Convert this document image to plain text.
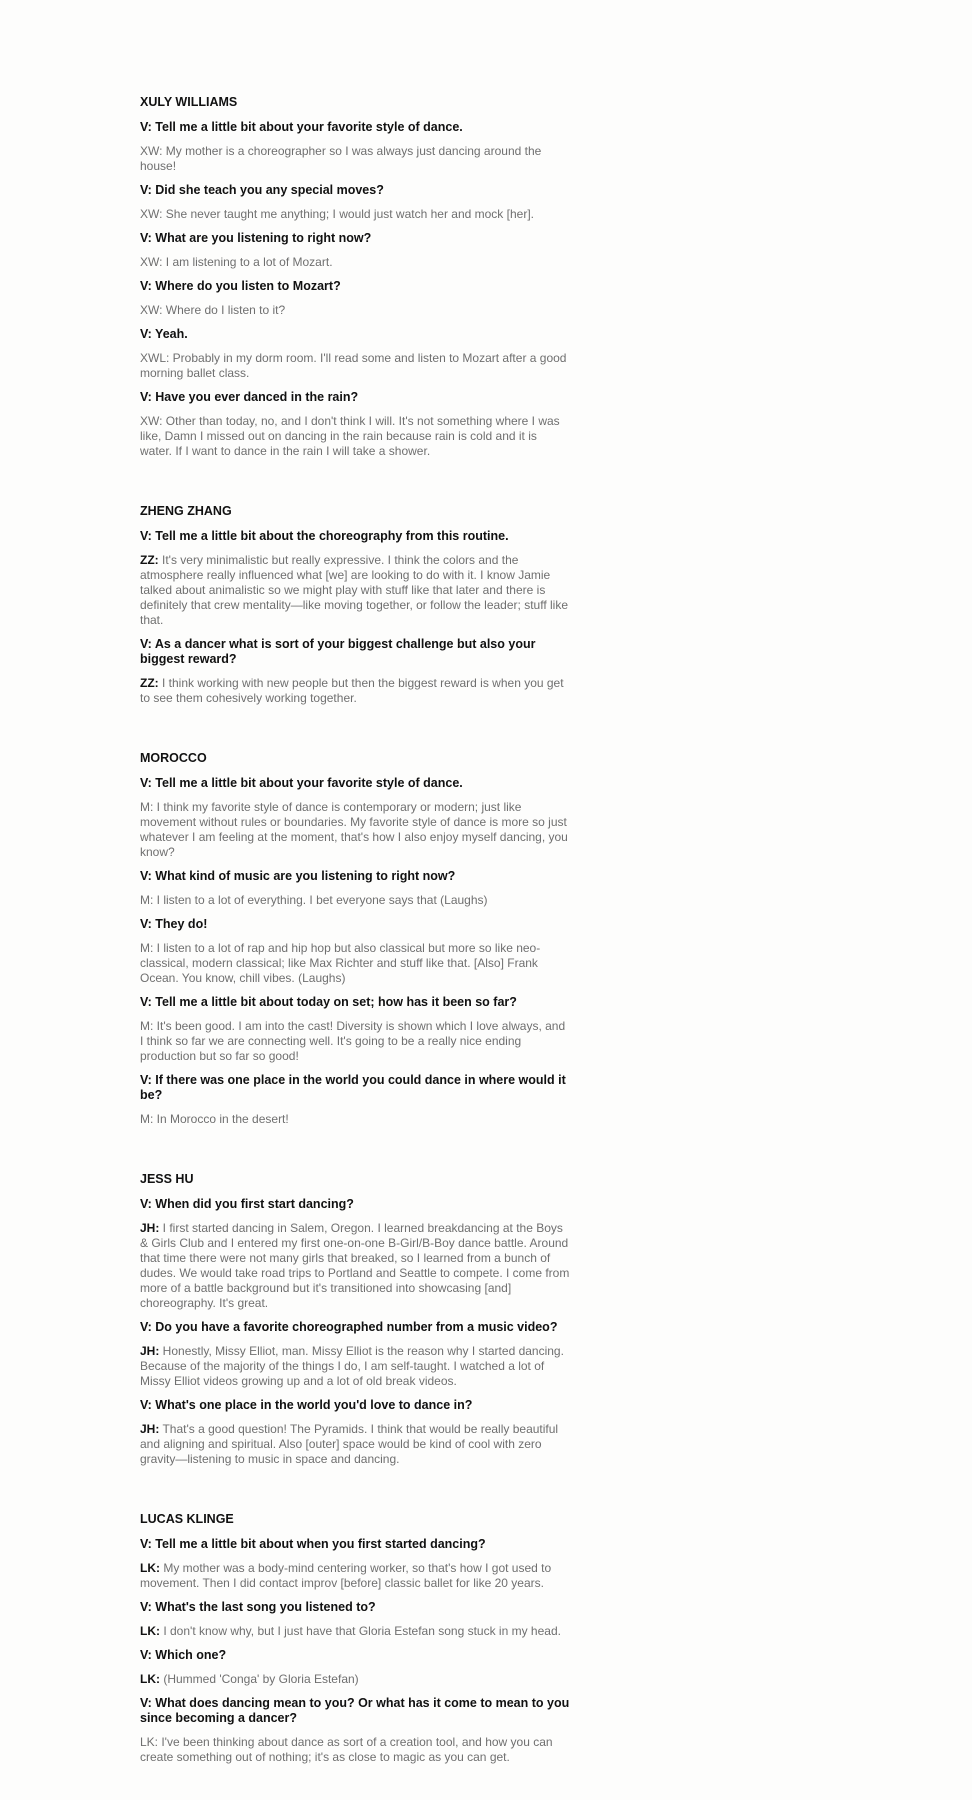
XULY WILLIAMS

V: Tell me a little bit about your favorite style of dance.

XW: My mother is a choreographer so I was always just dancing around the house!

V: Did she teach you any special moves?

XW: She never taught me anything; I would just watch her and mock [her].

V: What are you listening to right now?

XW: I am listening to a lot of Mozart.

V: Where do you listen to Mozart?

XW: Where do I listen to it?

V: Yeah.

XWL: Probably in my dorm room. I'll read some and listen to Mozart after a good morning ballet class.

V: Have you ever danced in the rain?

XW: Other than today, no, and I don't think I will. It's not something where I was like, Damn I missed out on dancing in the rain because rain is cold and it is water. If I want to dance in the rain I will take a shower.

ZHENG ZHANG

V: Tell me a little bit about the choreography from this routine.

ZZ: It's very minimalistic but really expressive. I think the colors and the atmosphere really influenced what [we] are looking to do with it. I know Jamie talked about animalistic so we might play with stuff like that later and there is definitely that crew mentality—like moving together, or follow the leader; stuff like that.

V: As a dancer what is sort of your biggest challenge but also your biggest reward?

ZZ: I think working with new people but then the biggest reward is when you get to see them cohesively working together.

MOROCCO

V: Tell me a little bit about your favorite style of dance.

M: I think my favorite style of dance is contemporary or modern; just like movement without rules or boundaries. My favorite style of dance is more so just whatever I am feeling at the moment, that's how I also enjoy myself dancing, you know?

V: What kind of music are you listening to right now?

M: I listen to a lot of everything. I bet everyone says that (Laughs)

V: They do!

M: I listen to a lot of rap and hip hop but also classical but more so like neo-classical, modern classical; like Max Richter and stuff like that. [Also] Frank Ocean. You know, chill vibes. (Laughs)

V: Tell me a little bit about today on set; how has it been so far?

M: It's been good. I am into the cast! Diversity is shown which I love always, and I think so far we are connecting well. It's going to be a really nice ending production but so far so good!

V: If there was one place in the world you could dance in where would it be?

M: In Morocco in the desert!

JESS HU

V: When did you first start dancing?

JH: I first started dancing in Salem, Oregon. I learned breakdancing at the Boys & Girls Club and I entered my first one-on-one B-Girl/B-Boy dance battle. Around that time there were not many girls that breaked, so I learned from a bunch of dudes. We would take road trips to Portland and Seattle to compete. I come from more of a battle background but it's transitioned into showcasing [and] choreography. It's great.

V: Do you have a favorite choreographed number from a music video?

JH: Honestly, Missy Elliot, man. Missy Elliot is the reason why I started dancing. Because of the majority of the things I do, I am self-taught. I watched a lot of Missy Elliot videos growing up and a lot of old break videos.

V: What's one place in the world you'd love to dance in?

JH: That's a good question! The Pyramids. I think that would be really beautiful and aligning and spiritual. Also [outer] space would be kind of cool with zero gravity—listening to music in space and dancing.

LUCAS KLINGE

V: Tell me a little bit about when you first started dancing?

LK: My mother was a body-mind centering worker, so that's how I got used to movement. Then I did contact improv [before] classic ballet for like 20 years.

V: What's the last song you listened to?

LK: I don't know why, but I just have that Gloria Estefan song stuck in my head.

V: Which one?

LK: (Hummed 'Conga' by Gloria Estefan)

V: What does dancing mean to you? Or what has it come to mean to you since becoming a dancer?

LK: I've been thinking about dance as sort of a creation tool, and how you can create something out of nothing; it's as close to magic as you can get.
